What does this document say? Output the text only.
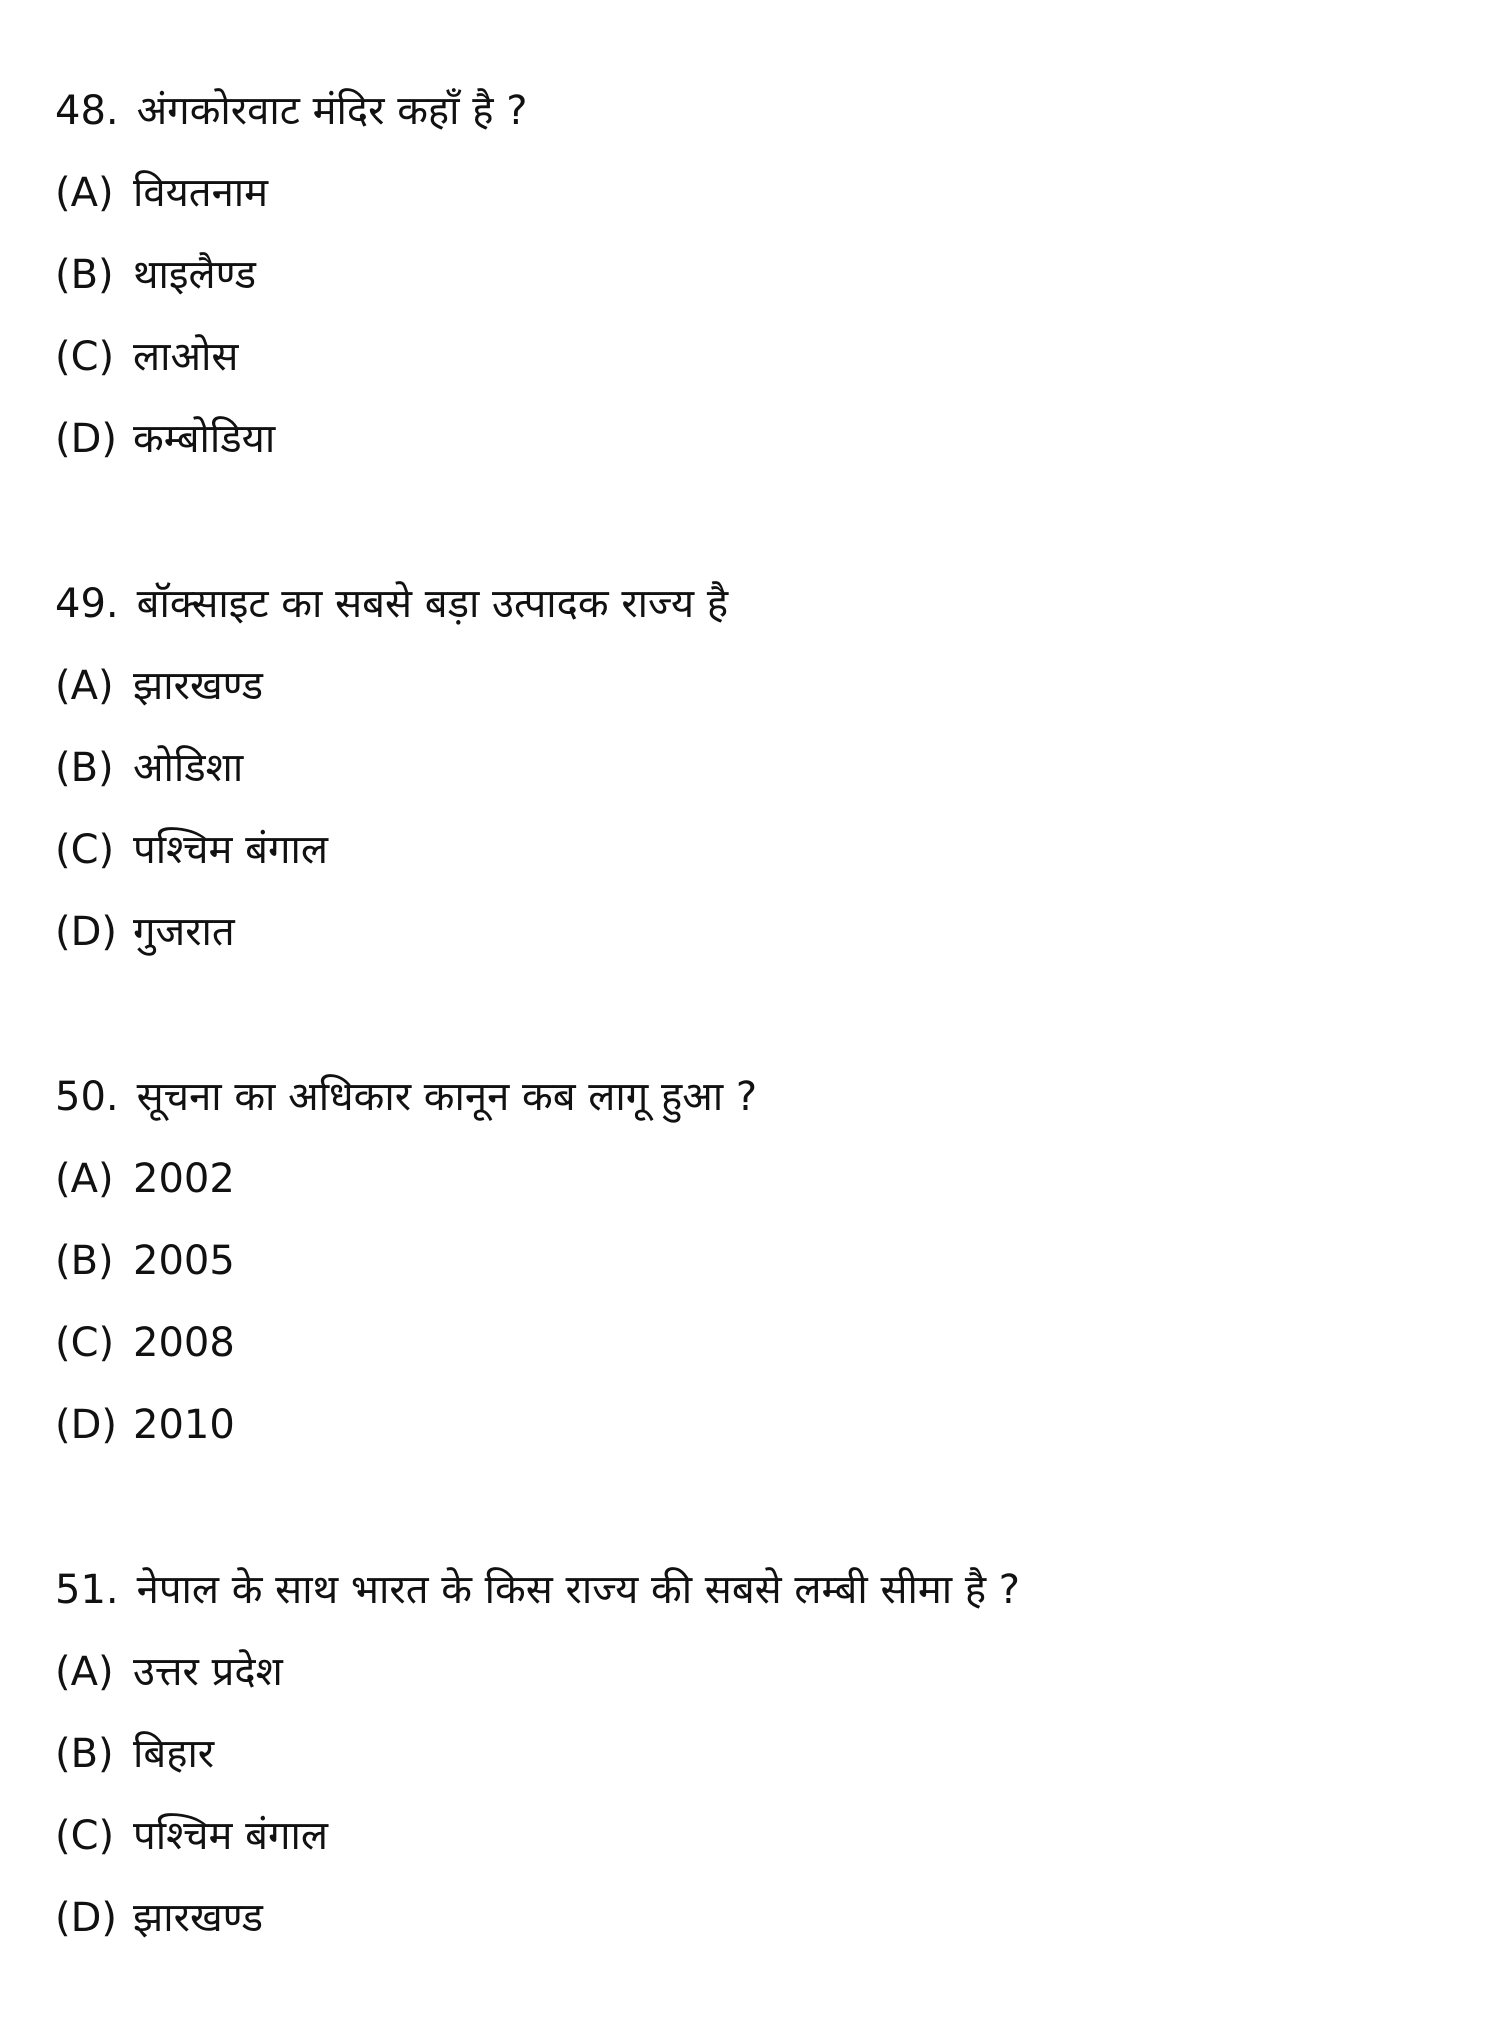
48. अंगकोरवाट मंदिर कहाँ है ?
(A) वियतनाम
(B) थाइलैण्ड
(C) लाओस
(D) कम्बोडिया
49. बॉक्साइट का सबसे बड़ा उत्पादक राज्य है
(A) झारखण्ड
(B) ओडिशा
(C) पश्चिम बंगाल
(D) गुजरात
50. सूचना का अधिकार कानून कब लागू हुआ ?
(A) 2002
(B) 2005
(C) 2008
(D) 2010
51. नेपाल के साथ भारत के किस राज्य की सबसे लम्बी सीमा है ?
(A) उत्तर प्रदेश
(B) बिहार
(C) पश्चिम बंगाल
(D) झारखण्ड
